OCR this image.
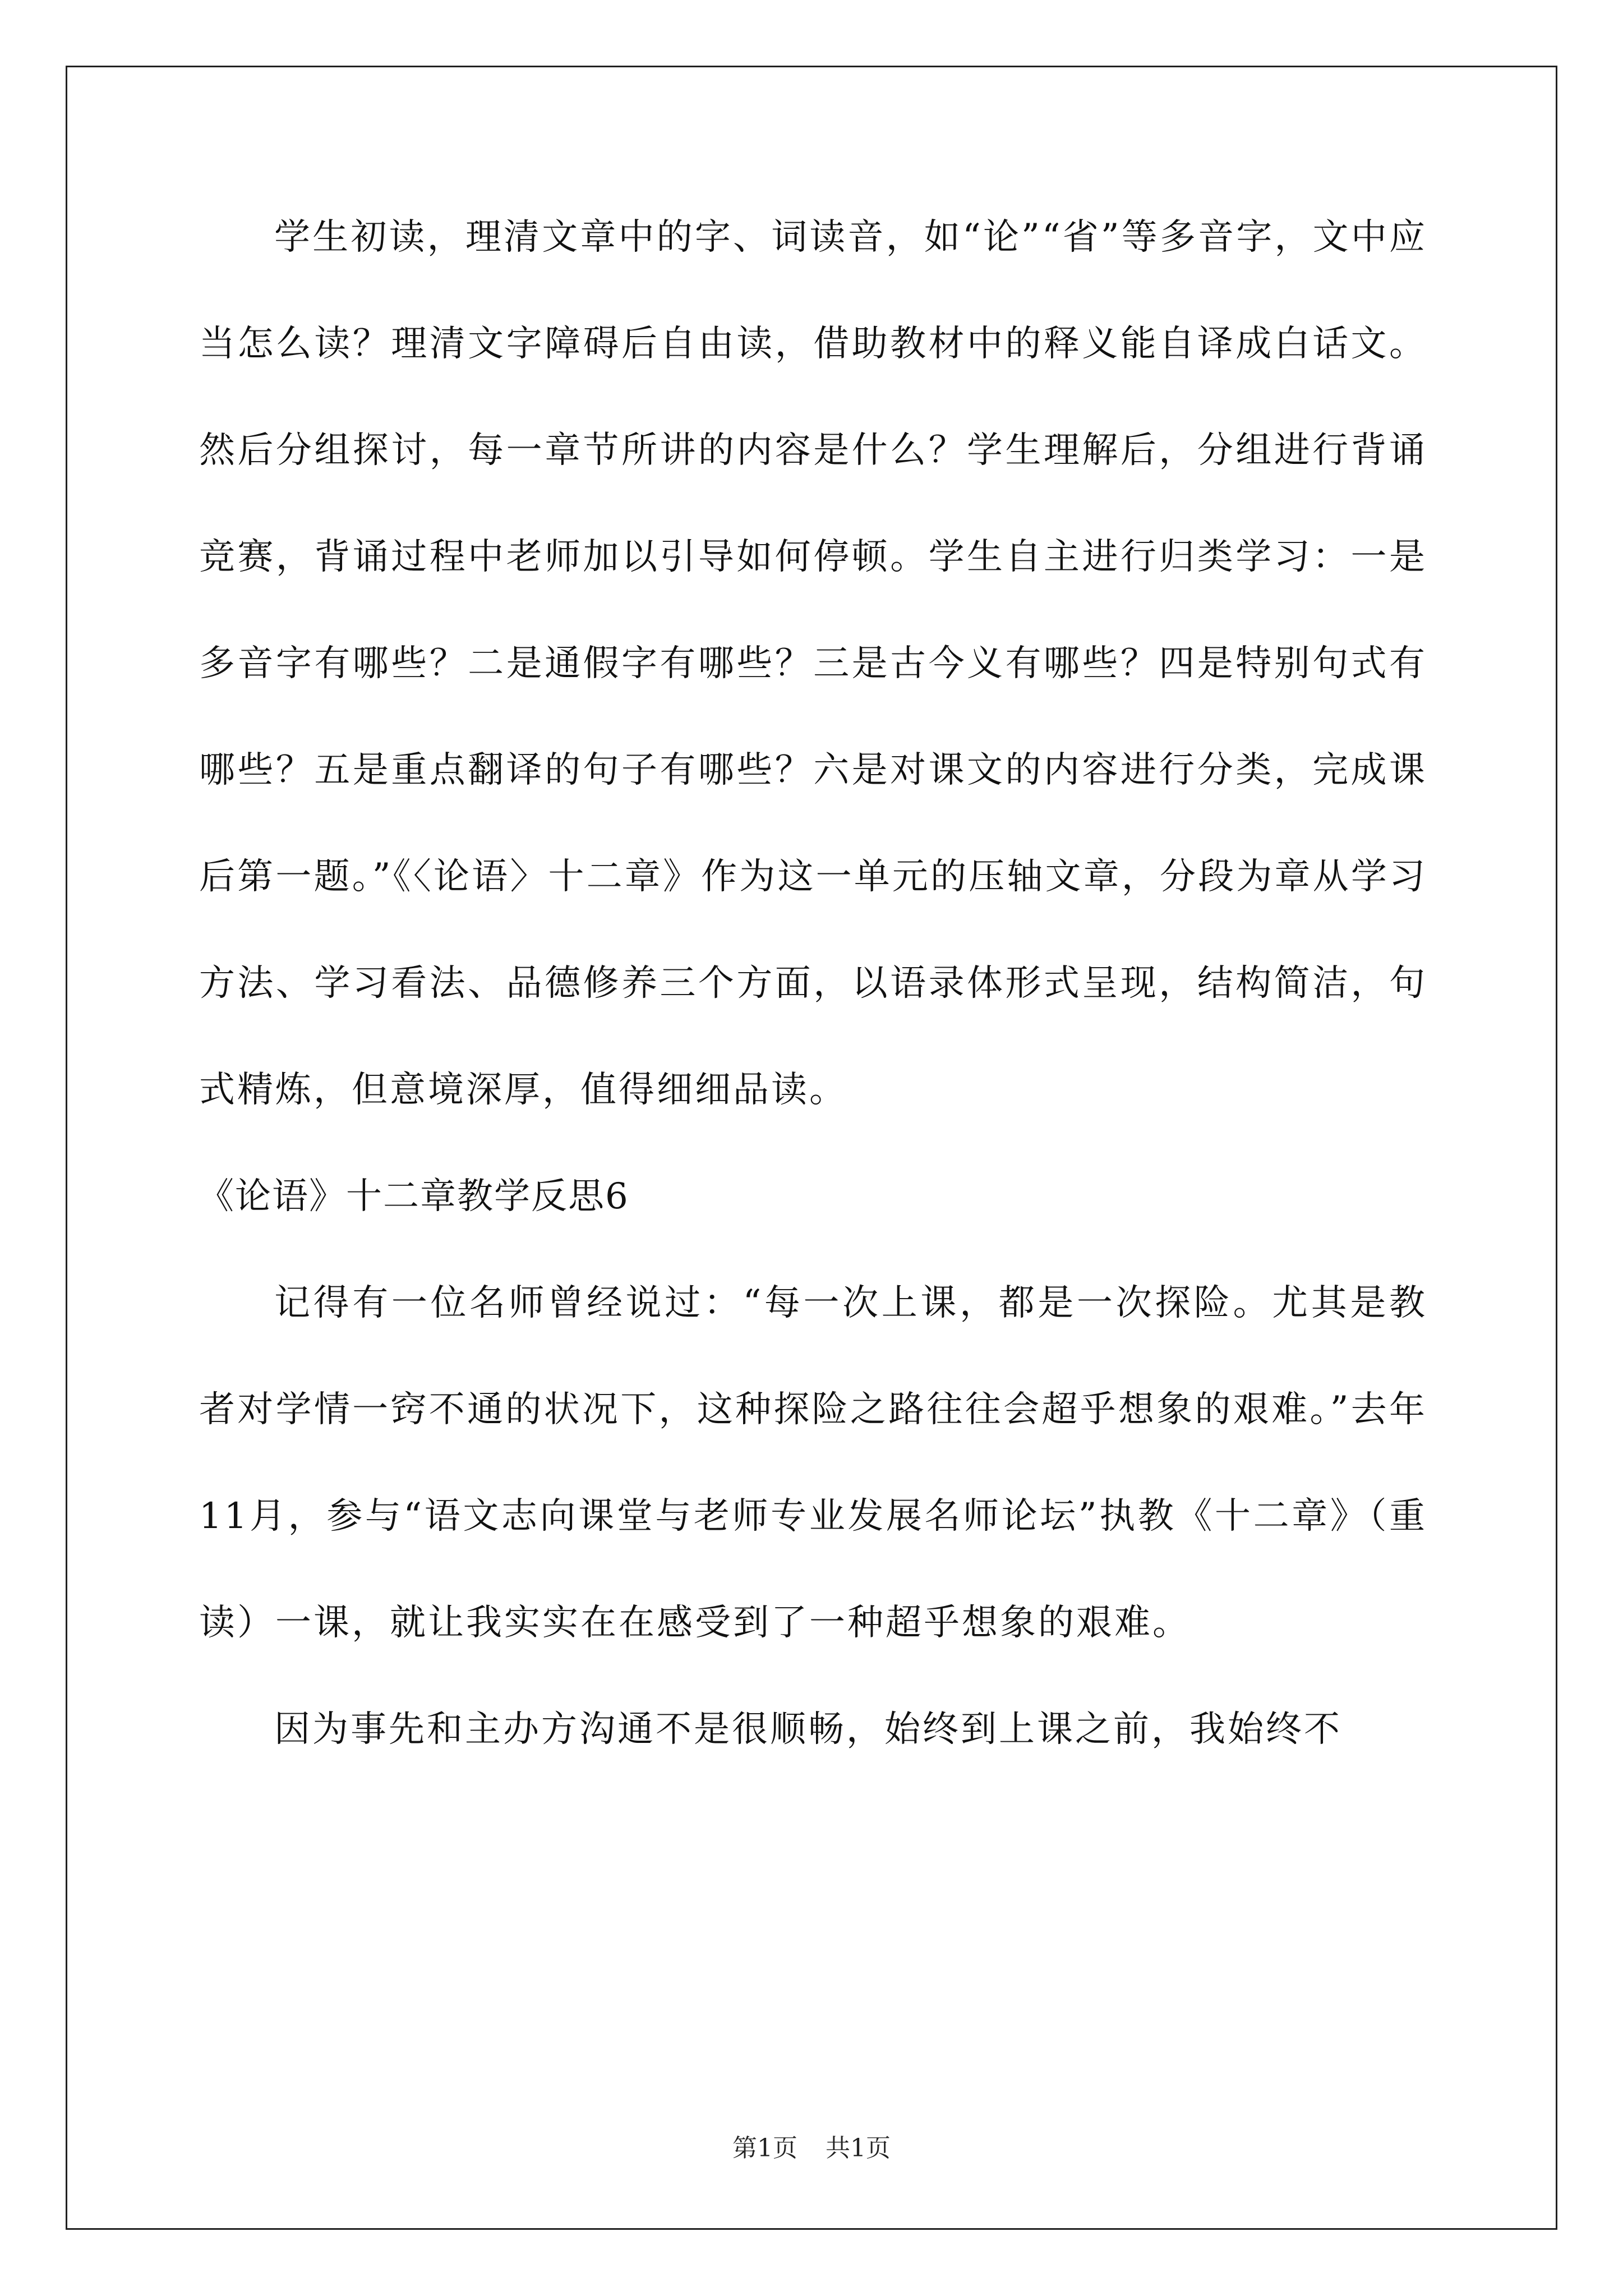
学生初读，理清文章中的字、词读音，如“论”“省”等多音字，文中应当怎么读？理清文字障碍后自由读，借助教材中的释义能自译成白话文。然后分组探讨，每一章节所讲的内容是什么？学生理解后，分组进行背诵竞赛，背诵过程中老师加以引导如何停顿。学生自主进行归类学习：一是多音字有哪些？二是通假字有哪些？三是古今义有哪些？四是特别句式有哪些？五是重点翻译的句子有哪些？六是对课文的内容进行分类，完成课后第一题。”《〈论语〉十二章》作为这一单元的压轴文章，分段为章从学习方法、学习看法、品德修养三个方面，以语录体形式呈现，结构简洁，句式精炼，但意境深厚，值得细细品读。

《论语》十二章教学反思6

记得有一位名师曾经说过：“每一次上课，都是一次探险。尤其是教者对学情一窍不通的状况下，这种探险之路往往会超乎想象的艰难。”去年11月，参与“语文志向课堂与老师专业发展名师论坛”执教《十二章》（重读）一课，就让我实实在在感受到了一种超乎想象的艰难。

因为事先和主办方沟通不是很顺畅，始终到上课之前，我始终不

第1页 共1页
